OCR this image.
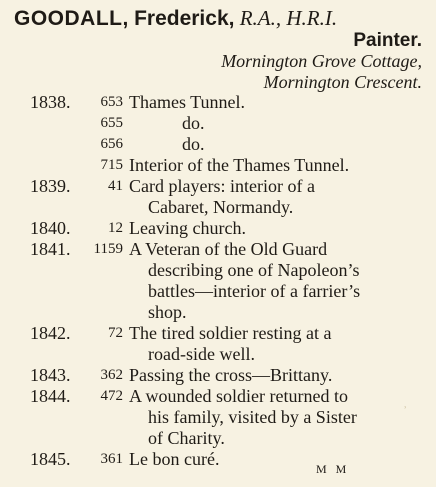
GOODALL, Frederick, R.A., H.R.I.
Painter.
Mornington Grove Cottage,
Mornington Crescent.
1838. 653 Thames Tunnel.
655	do.
656	do.
715 Interior of the Thames Tunnel.
1839.	41 Card players: interior of a
Cabaret, Normandy.
1840.	12 Leaving church.
1841. 1159 A Veteran of the Old Guard
describing one of Napoleon’s
battles—interior of a farrier’s
shop.
1842.	72 The tired soldier resting at a
road-side well.
1843. 362 Passing the cross—Brittany.
1844. 472 A wounded soldier returned to
his family, visited by a Sister
of Charity.
1845. 361 Le bon curé.	M M
ʾ
